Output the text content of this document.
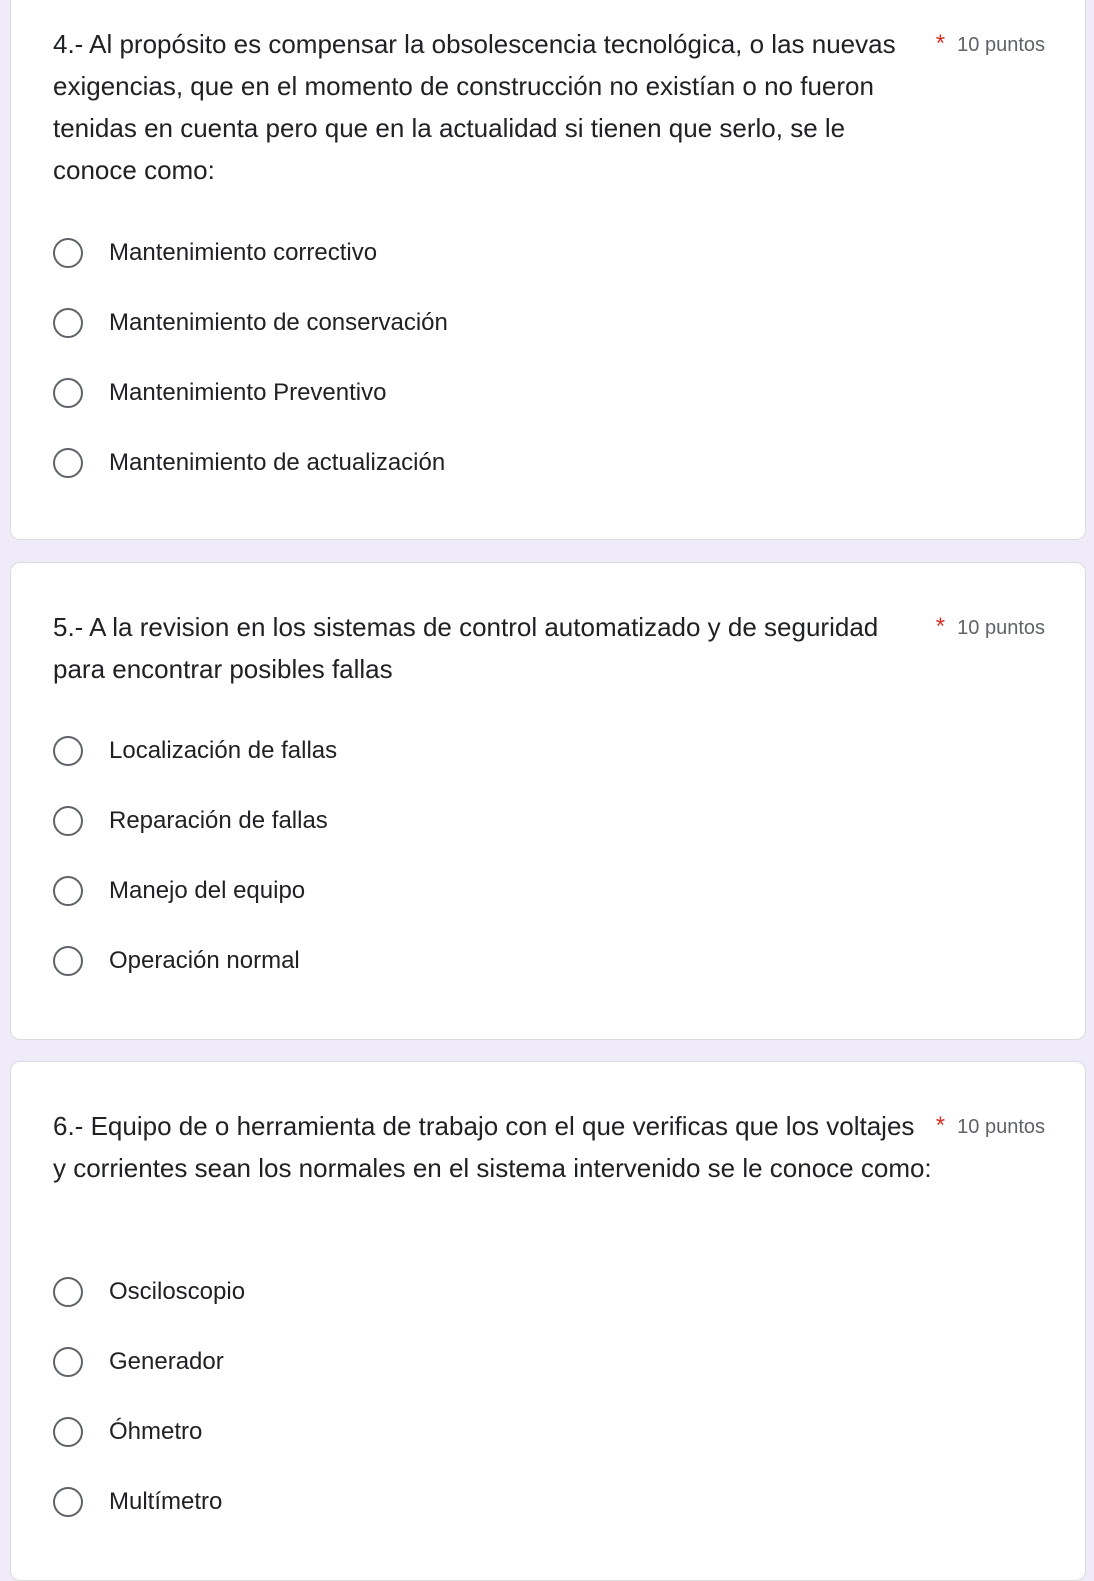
4.- Al propósito es compensar la obsolescencia tecnológica, o las nuevas exigencias, que en el momento de construcción no existían o no fueron tenidas en cuenta pero que en la actualidad si tienen que serlo, se le conoce como:
* 10 puntos
Mantenimiento correctivo
Mantenimiento de conservación
Mantenimiento Preventivo
Mantenimiento de actualización
5.- A la revision en los sistemas de control automatizado y de seguridad para encontrar posibles fallas
* 10 puntos
Localización de fallas
Reparación de fallas
Manejo del equipo
Operación normal
6.- Equipo de o herramienta de trabajo con el que verificas que los voltajes y corrientes sean los normales en el sistema intervenido se le conoce como:
* 10 puntos
Osciloscopio
Generador
Óhmetro
Multímetro
